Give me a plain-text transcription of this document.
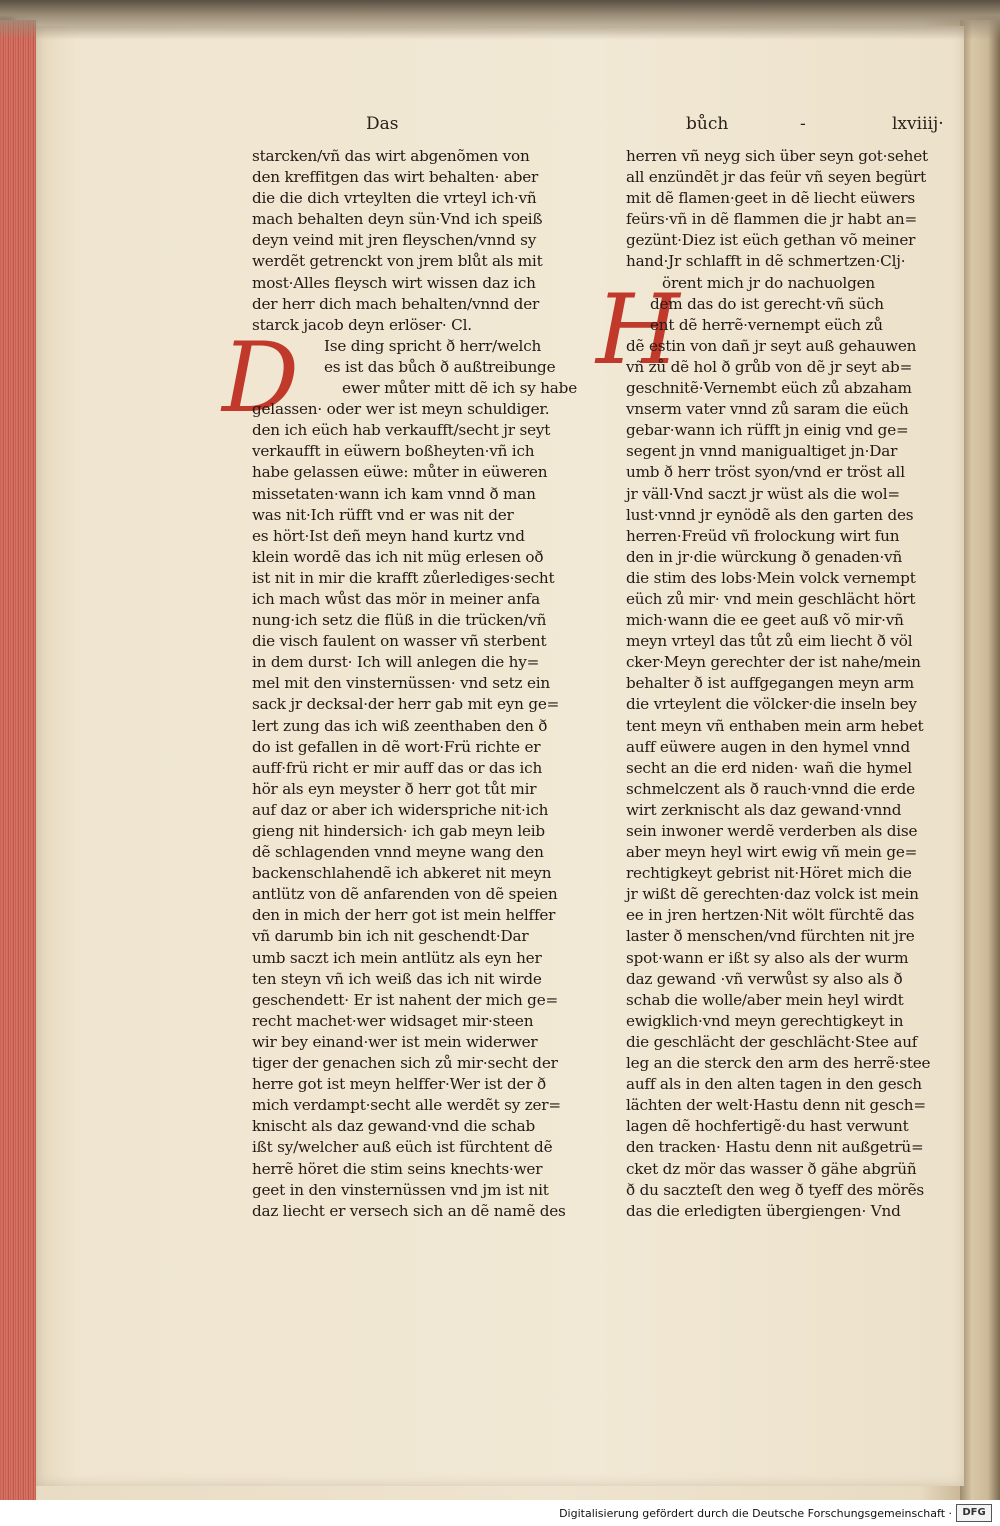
Das	bůch	-	lxviiij·
D	H
starcken/vñ das wirt abgenõmen von
den kreffitgen das wirt behalten· aber
die die dich vrteylten die vrteyl ich·vñ
mach behalten deyn sün·Vnd ich speiß
deyn veind mit jren fleyschen/vnnd sy
werdẽt getrenckt von jrem blůt als mit
most·Alles fleysch wirt wissen daz ich
der herr dich mach behalten/vnnd der
starck jacob deyn erlöser· Cl.
Ise ding spricht ð herr/welch
es ist das bůch ð außtreibunge
ewer můter mitt dẽ ich sy habe
gelassen· oder wer ist meyn schuldiger.
den ich eüch hab verkaufft/secht jr seyt
verkaufft in eüwern boßheyten·vñ ich
habe gelassen eüwe: můter in eüweren
missetaten·wann ich kam vnnd ð man
was nit·Ich rüfft vnd er was nit der
es hört·Ist deñ meyn hand kurtz vnd
klein wordẽ das ich nit müg erlesen oð
ist nit in mir die krafft zůerlediges·secht
ich mach wůst das mör in meiner anfa
nung·ich setz die flüß in die trücken/vñ
die visch faulent on wasser vñ sterbent
in dem durst· Ich will anlegen die hy=
mel mit den vinsternüssen· vnd setz ein
sack jr decksal·der herr gab mit eyn ge=
lert zung das ich wiß zeenthaben den ð
do ist gefallen in dẽ wort·Frü richte er
auff·frü richt er mir auff das or das ich
hör als eyn meyster ð herr got tůt mir
auf daz or aber ich widerspriche nit·ich
gieng nit hindersich· ich gab meyn leib
dẽ schlagenden vnnd meyne wang den
backenschlahendẽ ich abkeret nit meyn
antlütz von dẽ anfarenden von dẽ speien
den in mich der herr got ist mein helffer
vñ darumb bin ich nit geschendt·Dar
umb saczt ich mein antlütz als eyn her
ten steyn vñ ich weiß das ich nit wirde
geschendett· Er ist nahent der mich ge=
recht machet·wer widsaget mir·steen
wir bey einand·wer ist mein widerwer
tiger der genachen sich zů mir·secht der
herre got ist meyn helffer·Wer ist der ð
mich verdampt·secht alle werdẽt sy zer=
knischt als daz gewand·vnd die schab
ißt sy/welcher auß eüch ist fürchtent dẽ
herrẽ höret die stim seins knechts·wer
geet in den vinsternüssen vnd jm ist nit
daz liecht er versech sich an dẽ namẽ des
herren vñ neyg sich über seyn got·sehet
all enzündẽt jr das feür vñ seyen begürt
mit dẽ flamen·geet in dẽ liecht eüwers
feürs·vñ in dẽ flammen die jr habt an=
gezünt·Diez ist eüch gethan võ meiner
hand·Jr schlafft in dẽ schmertzen·Clj·
örent mich jr do nachuolgen
dem das do ist gerecht·vñ süch
ent dẽ herrẽ·vernempt eüch zů
dẽ estin von dañ jr seyt auß gehauwen
vñ zů dẽ hol ð grůb von dẽ jr seyt ab=
geschnitẽ·Vernembt eüch zů abzaham
vnserm vater vnnd zů saram die eüch
gebar·wann ich rüfft jn einig vnd ge=
segent jn vnnd manigualtiget jn·Dar
umb ð herr tröst syon/vnd er tröst all
jr väll·Vnd saczt jr wüst als die wol=
lust·vnnd jr eynödẽ als den garten des
herren·Freüd vñ frolockung wirt fun
den in jr·die würckung ð genaden·vñ
die stim des lobs·Mein volck vernempt
eüch zů mir· vnd mein geschlächt hört
mich·wann die ee geet auß võ mir·vñ
meyn vrteyl das tůt zů eim liecht ð völ
cker·Meyn gerechter der ist nahe/mein
behalter ð ist auffgegangen meyn arm
die vrteylent die völcker·die inseln bey
tent meyn vñ enthaben mein arm hebet
auff eüwere augen in den hymel vnnd
secht an die erd niden· wañ die hymel
schmelczent als ð rauch·vnnd die erde
wirt zerknischt als daz gewand·vnnd
sein inwoner werdẽ verderben als dise
aber meyn heyl wirt ewig vñ mein ge=
rechtigkeyt gebrist nit·Höret mich die
jr wißt dẽ gerechten·daz volck ist mein
ee in jren hertzen·Nit wölt fürchtẽ das
laster ð menschen/vnd fürchten nit jre
spot·wann er ißt sy also als der wurm
daz gewand ·vñ verwůst sy also als ð
schab die wolle/aber mein heyl wirdt
ewigklich·vnd meyn gerechtigkeyt in
die geschlächt der geschlächt·Stee auf
leg an die sterck den arm des herrẽ·stee
auff als in den alten tagen in den gesch
lächten der welt·Hastu denn nit gesch=
lagen dẽ hochfertigẽ·du hast verwunt
den tracken· Hastu denn nit außgetrü=
cket dz mör das wasser ð gähe abgrüñ
ð du saczteſt den weg ð tyeff des mörẽs
das die erledigten übergiengen· Vnd
Digitalisierung gefördert durch die Deutsche Forschungsgemeinschaft ·	DFG
